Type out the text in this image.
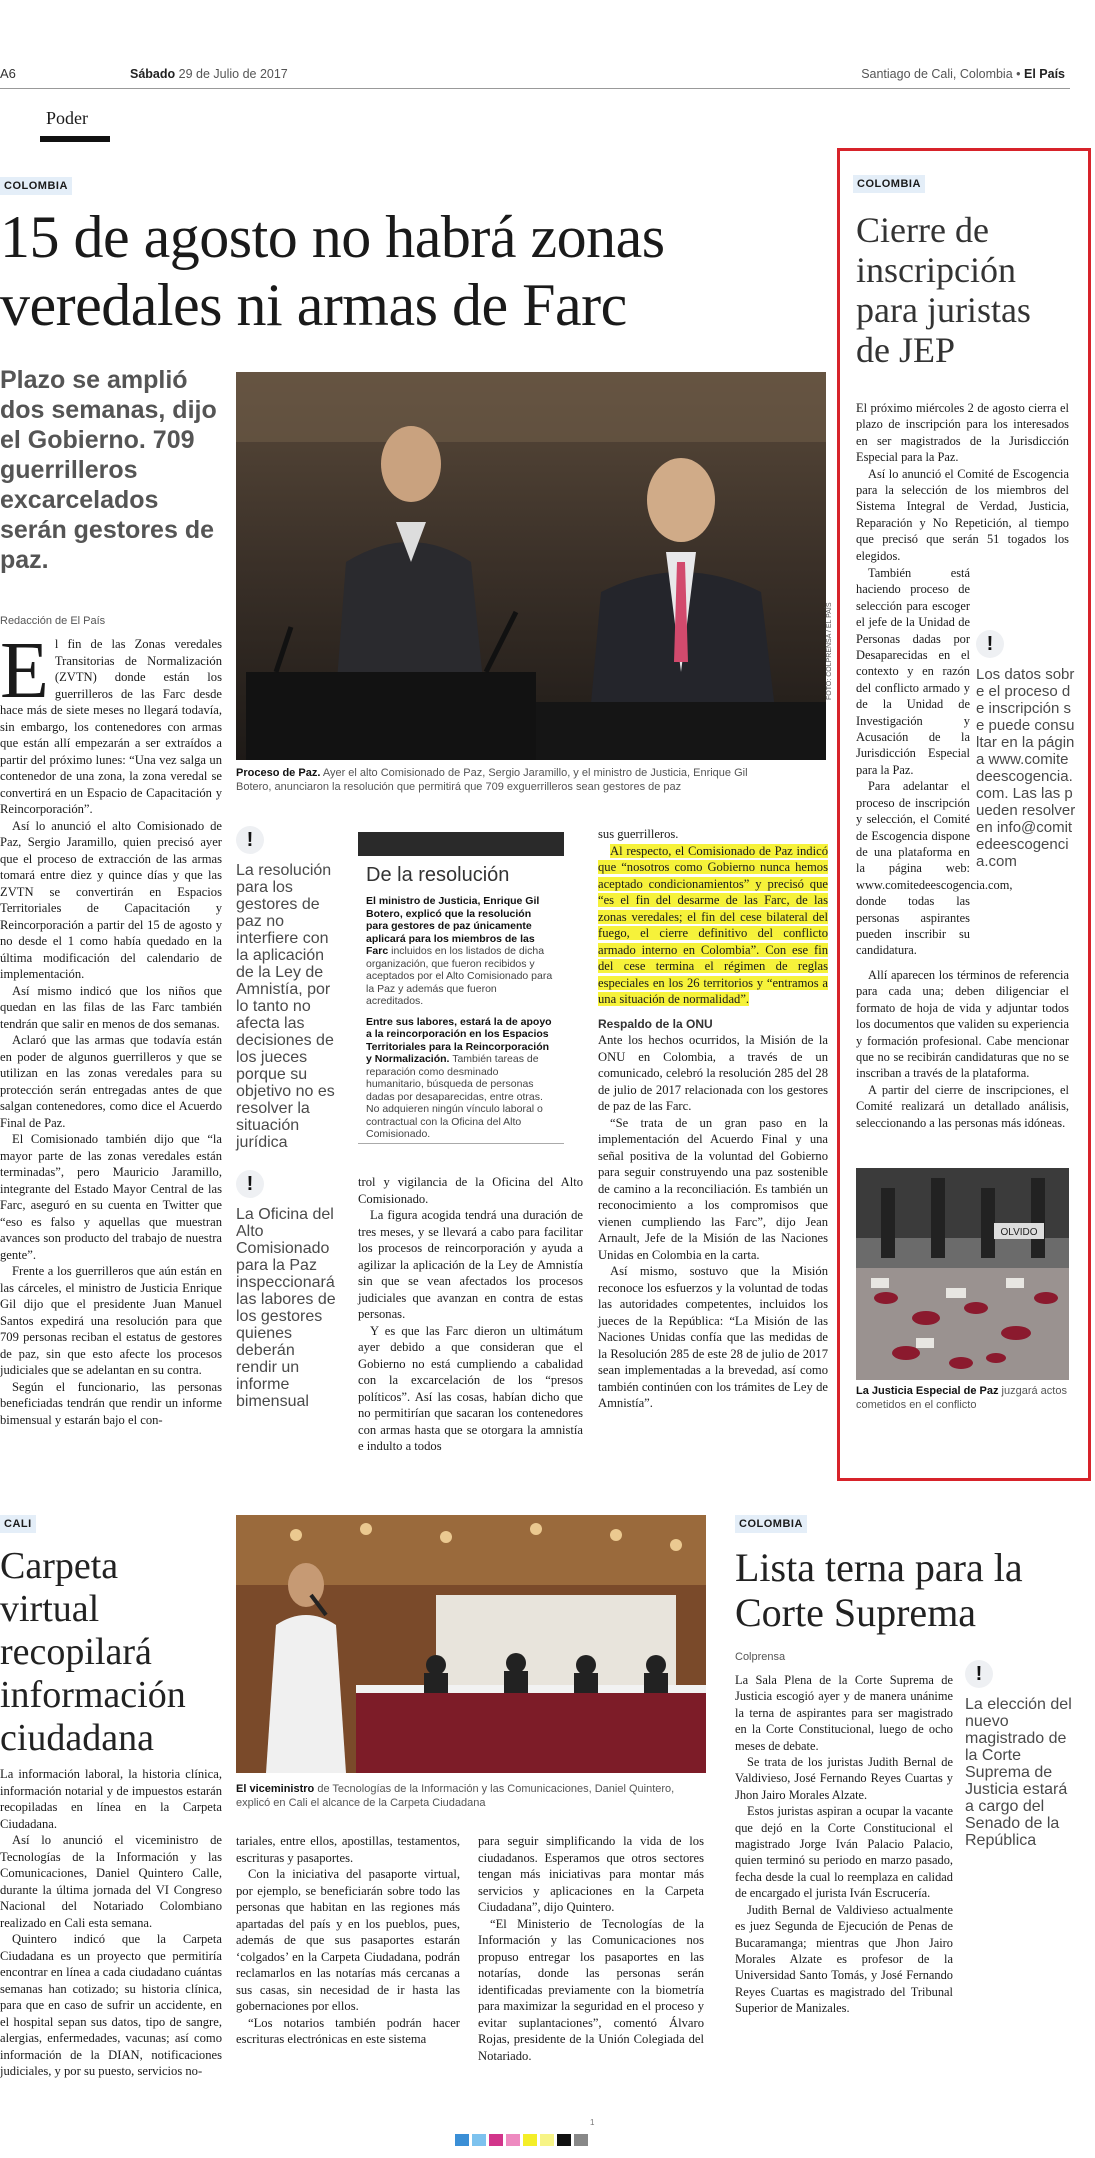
A6	Sábado 29 de Julio de 2017	Santiago de Cali, Colombia • El País
Poder
COLOMBIA
15 de agosto no habrá zonas
veredales ni armas de Farc
Plazo se amplió dos semanas, dijo el Gobierno. 709 guerrilleros excarcelados serán gestores de paz.
Redacción de El País
E l fin de las Zonas veredales Transitorias de Normalización (ZVTN) donde están los guerrilleros de las Farc desde hace más de siete meses no llegará todavía, sin embargo, los contenedores con armas que están allí empezarán a ser extraídos a partir del próximo lunes: “Una vez salga un contenedor de una zona, la zona veredal se convertirá en un Espacio de Capacitación y Reincorporación”.

Así lo anunció el alto Comisionado de Paz, Sergio Jaramillo, quien precisó ayer que el proceso de extracción de las armas tomará entre diez y quince días y que las ZVTN se convertirán en Espacios Territoriales de Capacitación y Reincorporación a partir del 15 de agosto y no desde el 1 como había quedado en la última modificación del calendario de implementación.

Así mismo indicó que los niños que quedan en las filas de las Farc también tendrán que salir en menos de dos semanas.

Aclaró que las armas que todavía están en poder de algunos guerrilleros y que se utilizan en las zonas veredales para su protección serán entregadas antes de que salgan contenedores, como dice el Acuerdo Final de Paz.

El Comisionado también dijo que “la mayor parte de las zonas veredales están terminadas”, pero Mauricio Jaramillo, integrante del Estado Mayor Central de las Farc, aseguró en su cuenta en Twitter que “eso es falso y aquellas que muestran avances son producto del trabajo de nuestra gente”.

Frente a los guerrilleros que aún están en las cárceles, el ministro de Justicia Enrique Gil dijo que el presidente Juan Manuel Santos expedirá una resolución para que 709 personas reciban el estatus de gestores de paz, sin que esto afecte los procesos judiciales que se adelantan en su contra.

Según el funcionario, las personas beneficiadas tendrán que rendir un informe bimensual y estarán bajo el con-

FOTO: COLPRENSA / EL PAÍS
Proceso de Paz. Ayer el alto Comisionado de Paz, Sergio Jaramillo, y el ministro de Justicia, Enrique Gil Botero, anunciaron la resolución que permitirá que 709 exguerrilleros sean gestores de paz
!
La resolución para los gestores de paz no interfiere con la aplicación de la Ley de Amnistía, por lo tanto no afecta las decisiones de los jueces porque su objetivo no es resolver la situación jurídica
!
La Oficina del Alto Comisionado para la Paz inspeccionará las labores de los gestores quienes deberán rendir un informe bimensual
De la resolución
El ministro de Justicia, Enrique Gil Botero, explicó que la resolución para gestores de paz únicamente aplicará para los miembros de las Farc incluidos en los listados de dicha organización, que fueron recibidos y aceptados por el Alto Comisionado para la Paz y además que fueron acreditados.
Entre sus labores, estará la de apoyo a la reincorporación en los Espacios Territoriales para la Reincorporación y Normalización. También tareas de reparación como desminado humanitario, búsqueda de personas dadas por desaparecidas, entre otras. No adquieren ningún vínculo laboral o contractual con la Oficina del Alto Comisionado.

trol y vigilancia de la Oficina del Alto Comisionado.

La figura acogida tendrá una duración de tres meses, y se llevará a cabo para facilitar los procesos de reincorporación y ayuda a agilizar la aplicación de la Ley de Amnistía sin que se vean afectados los procesos judiciales que avanzan en contra de estas personas.

Y es que las Farc dieron un ultimátum ayer debido a que consideran que el Gobierno no está cumpliendo a cabalidad con la excarcelación de los “presos políticos”. Así las cosas, habían dicho que no permitirían que sacaran los contenedores con armas hasta que se otorgara la amnistía e indulto a todos

sus guerrilleros.

Al respecto, el Comisionado de Paz indicó que “nosotros como Gobierno nunca hemos aceptado condicionamientos” y precisó que “es el fin del desarme de las Farc, de las zonas veredales; el fin del cese bilateral del fuego, el cierre definitivo del conflicto armado interno en Colombia”. Con ese fin del cese termina el régimen de reglas especiales en los 26 territorios y “entramos a una situación de normalidad”.

Respaldo de la ONU

Ante los hechos ocurridos, la Misión de la ONU en Colombia, a través de un comunicado, celebró la resolución 285 del 28 de julio de 2017 relacionada con los gestores de paz de las Farc.

“Se trata de un gran paso en la implementación del Acuerdo Final y una señal positiva de la voluntad del Gobierno para seguir construyendo una paz sostenible de camino a la reconciliación. Es también un reconocimiento a los compromisos que vienen cumpliendo las Farc”, dijo Jean Arnault, Jefe de la Misión de las Naciones Unidas en Colombia en la carta.

Así mismo, sostuvo que la Misión reconoce los esfuerzos y la voluntad de todas las autoridades competentes, incluidos los jueces de la República: “La Misión de las Naciones Unidas confía que las medidas de la Resolución 285 de este 28 de julio de 2017 sean implementadas a la brevedad, así como también continúen con los trámites de Ley de Amnistía”.

COLOMBIA
Cierre de inscripción para juristas de JEP

El próximo miércoles 2 de agosto cierra el plazo de inscripción para los interesados en ser magistrados de la Jurisdicción Especial para la Paz.

Así lo anunció el Comité de Escogencia para la selección de los miembros del Sistema Integral de Verdad, Justicia, Reparación y No Repetición, al tiempo que precisó que serán 51 togados los elegidos.

También está haciendo proceso de selección para escoger el jefe de la Unidad de Personas dadas por Desaparecidas en el contexto y en razón del conflicto armado y de la Unidad de Investigación y Acusación de la Jurisdicción Especial para la Paz.

Para adelantar el proceso de inscripción y selección, el Comité de Escogencia dispone de una plataforma en la página web: www.comitedeescogencia.com, donde todas las personas aspirantes pueden inscribir su candidatura.

!
Los datos sobre el proceso de inscripción se puede consultar en la página www.comitedeescogencia.com. Las las pueden resolver en info@comitedeescogencia.com

Allí aparecen los términos de referencia para cada una; deben diligenciar el formato de hoja de vida y adjuntar todos los documentos que validen su experiencia y formación profesional. Cabe mencionar que no se recibirán candidaturas que no se inscriban a través de la plataforma.

A partir del cierre de inscripciones, el Comité realizará un detallado análisis, seleccionando a las personas más idóneas.

OLVIDO
La Justicia Especial de Paz juzgará actos cometidos en el conflicto
CALI
Carpeta virtual recopilará información ciudadana

La información laboral, la historia clínica, información notarial y de impuestos estarán recopiladas en línea en la Carpeta Ciudadana.

Así lo anunció el viceministro de Tecnologías de la Información y las Comunicaciones, Daniel Quintero Calle, durante la última jornada del VI Congreso Nacional del Notariado Colombiano realizado en Cali esta semana.

Quintero indicó que la Carpeta Ciudadana es un proyecto que permitiría encontrar en línea a cada ciudadano cuántas semanas han cotizado; su historia clínica, para que en caso de sufrir un accidente, en el hospital sepan sus datos, tipo de sangre, alergias, enfermedades, vacunas; así como información de la DIAN, notificaciones judiciales, y por su puesto, servicios no-

El viceministro de Tecnologías de la Información y las Comunicaciones, Daniel Quintero, explicó en Cali el alcance de la Carpeta Ciudadana

tariales, entre ellos, apostillas, testamentos, escrituras y pasaportes.

Con la iniciativa del pasaporte virtual, por ejemplo, se beneficiarán sobre todo las personas que habitan en las regiones más apartadas del país y en los pueblos, pues, además de que sus pasaportes estarán ‘colgados’ en la Carpeta Ciudadana, podrán reclamarlos en las notarías más cercanas a sus casas, sin necesidad de ir hasta las gobernaciones por ellos.

“Los notarios también podrán hacer escrituras electrónicas en este sistema

para seguir simplificando la vida de los ciudadanos. Esperamos que otros sectores tengan más iniciativas para montar más servicios y aplicaciones en la Carpeta Ciudadana”, dijo Quintero.

“El Ministerio de Tecnologías de la Información y las Comunicaciones nos propuso entregar los pasaportes en las notarías, donde las personas serán identificadas previamente con la biometría para maximizar la seguridad en el proceso y evitar suplantaciones”, comentó Álvaro Rojas, presidente de la Unión Colegiada del Notariado.

COLOMBIA
Lista terna para la Corte Suprema
Colprensa

La Sala Plena de la Corte Suprema de Justicia escogió ayer y de manera unánime la terna de aspirantes para ser magistrado en la Corte Constitucional, luego de ocho meses de debate.

Se trata de los juristas Judith Bernal de Valdivieso, José Fernando Reyes Cuartas y Jhon Jairo Morales Alzate.

Estos juristas aspiran a ocupar la vacante que dejó en la Corte Constitucional el magistrado Jorge Iván Palacio Palacio, quien terminó su periodo en marzo pasado, fecha desde la cual lo reemplaza en calidad de encargado el jurista Iván Escrucería.

Judith Bernal de Valdivieso actualmente es juez Segunda de Ejecución de Penas de Bucaramanga; mientras que Jhon Jairo Morales Alzate es profesor de la Universidad Santo Tomás, y José Fernando Reyes Cuartas es magistrado del Tribunal Superior de Manizales.

!
La elección del nuevo magistrado de la Corte Suprema de Justicia estará a cargo del Senado de la República
1
